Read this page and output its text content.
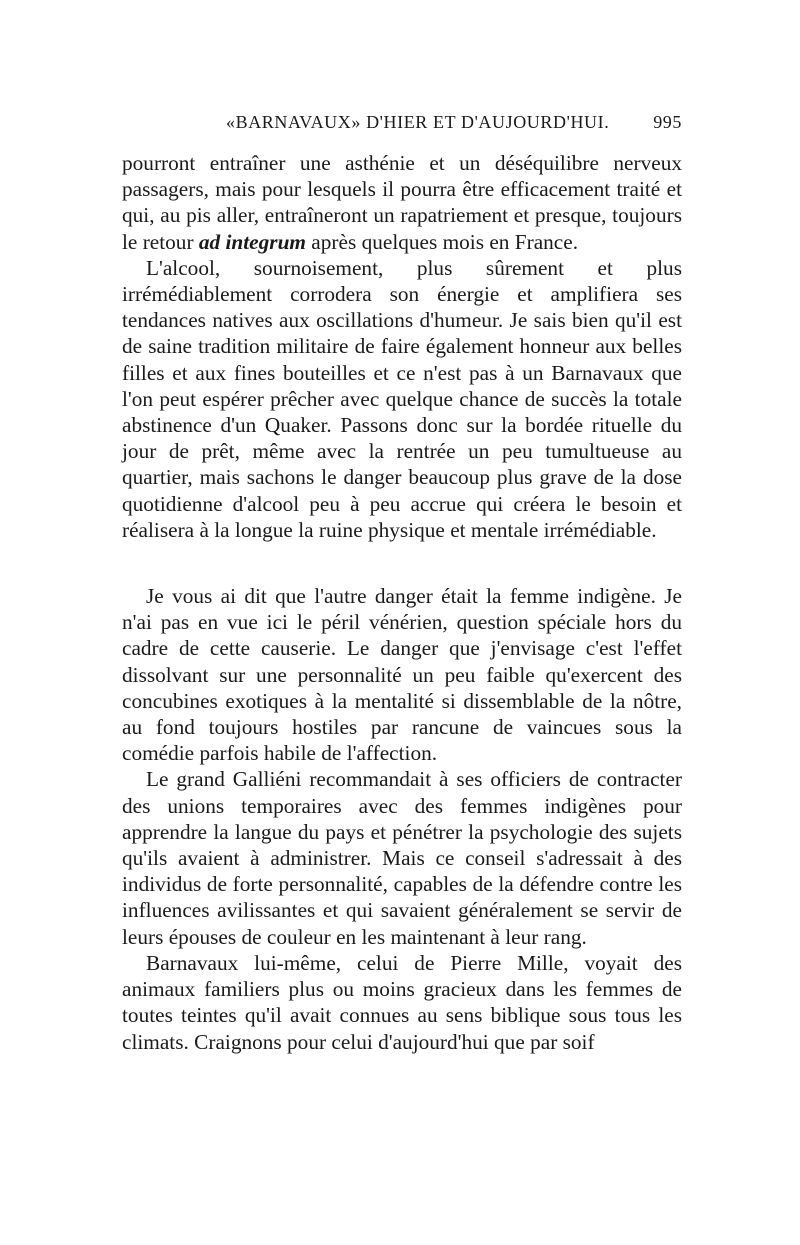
«BARNAVAUX» D'HIER ET D'AUJOURD'HUI. 995

pourront entraîner une asthénie et un déséquilibre nerveux passagers, mais pour lesquels il pourra être efficacement traité et qui, au pis aller, entraîneront un rapatriement et presque, toujours le retour ad integrum après quelques mois en France.

L'alcool, sournoisement, plus sûrement et plus irrémédiablement corrodera son énergie et amplifiera ses tendances natives aux oscillations d'humeur. Je sais bien qu'il est de saine tradition militaire de faire également honneur aux belles filles et aux fines bouteilles et ce n'est pas à un Barnavaux que l'on peut espérer prêcher avec quelque chance de succès la totale abstinence d'un Quaker. Passons donc sur la bordée rituelle du jour de prêt, même avec la rentrée un peu tumultueuse au quartier, mais sachons le danger beaucoup plus grave de la dose quotidienne d'alcool peu à peu accrue qui créera le besoin et réalisera à la longue la ruine physique et mentale irrémédiable.

Je vous ai dit que l'autre danger était la femme indigène. Je n'ai pas en vue ici le péril vénérien, question spéciale hors du cadre de cette causerie. Le danger que j'envisage c'est l'effet dissolvant sur une personnalité un peu faible qu'exercent des concubines exotiques à la mentalité si dissemblable de la nôtre, au fond toujours hostiles par rancune de vaincues sous la comédie parfois habile de l'affection.

Le grand Galliéni recommandait à ses officiers de contracter des unions temporaires avec des femmes indigènes pour apprendre la langue du pays et pénétrer la psychologie des sujets qu'ils avaient à administrer. Mais ce conseil s'adressait à des individus de forte personnalité, capables de la défendre contre les influences avilissantes et qui savaient généralement se servir de leurs épouses de couleur en les maintenant à leur rang.

Barnavaux lui-même, celui de Pierre Mille, voyait des animaux familiers plus ou moins gracieux dans les femmes de toutes teintes qu'il avait connues au sens biblique sous tous les climats. Craignons pour celui d'aujourd'hui que par soif
